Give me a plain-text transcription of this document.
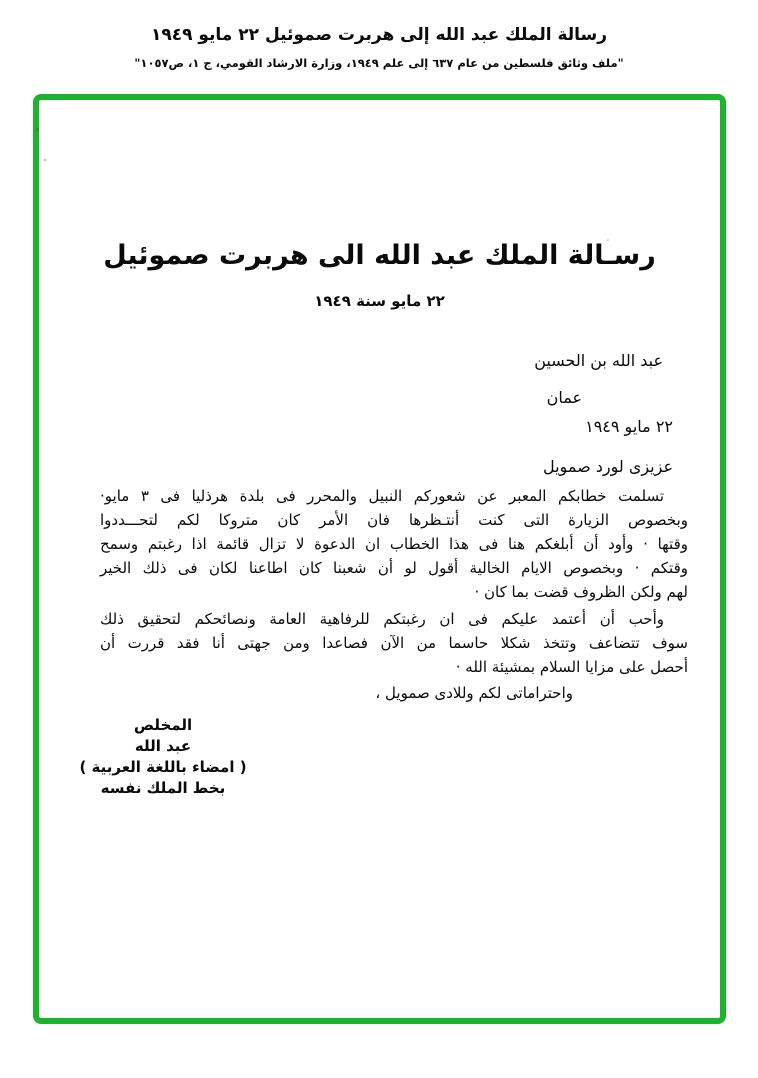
رسالة الملك عبد الله إلى هربرت صموئيل ٢٢ مايو ١٩٤٩
"ملف وثائق فلسطين من عام ٦٣٧ إلى علم ١٩٤٩، وزارة الارشاد القومي، ج ١، ص١٠٥٧"
رسـالة الملك عبد الله الى هربرت صموئيل
٢٢ مايو سنة ١٩٤٩
عبد الله بن الحسين
عمان
٢٢ مايو ١٩٤٩
عزيزى لورد صمويل
تسلمت خطابكم المعبر عن شعوركم النبيل والمحرر فى بلدة هرذليا فى ٣ مايو·
وبخصوص الزيارة التى كنت أنتـظرها فان الأمر كان متروكا لكم لتحـــددوا
وقتها · وأود أن أبلغكم هنا فى هذا الخطاب ان الدعوة لا تزال قائمة اذا رغبتم وسمح
وقتكم · وبخصوص الايام الخالية أقول لو أن شعبنا كان اطاعنا لكان فى ذلك الخير
لهم ولكن الظروف قضت بما كان ·
وأحب أن أعتمد عليكم فى ان رغبتكم للرفاهية العامة ونصائحكم لتحقيق ذلك
سوف تتضاعف وتتخذ شكلا حاسما من الآن فصاعدا ومن جهتى أنا فقد قررت أن
أحصل على مزايا السلام بمشيئة الله ·
واحتراماتى لكم وللادى صمويل ،
المخلص
عبد الله
( امضاء باللغة العربية )
بخط الملك نفسه
